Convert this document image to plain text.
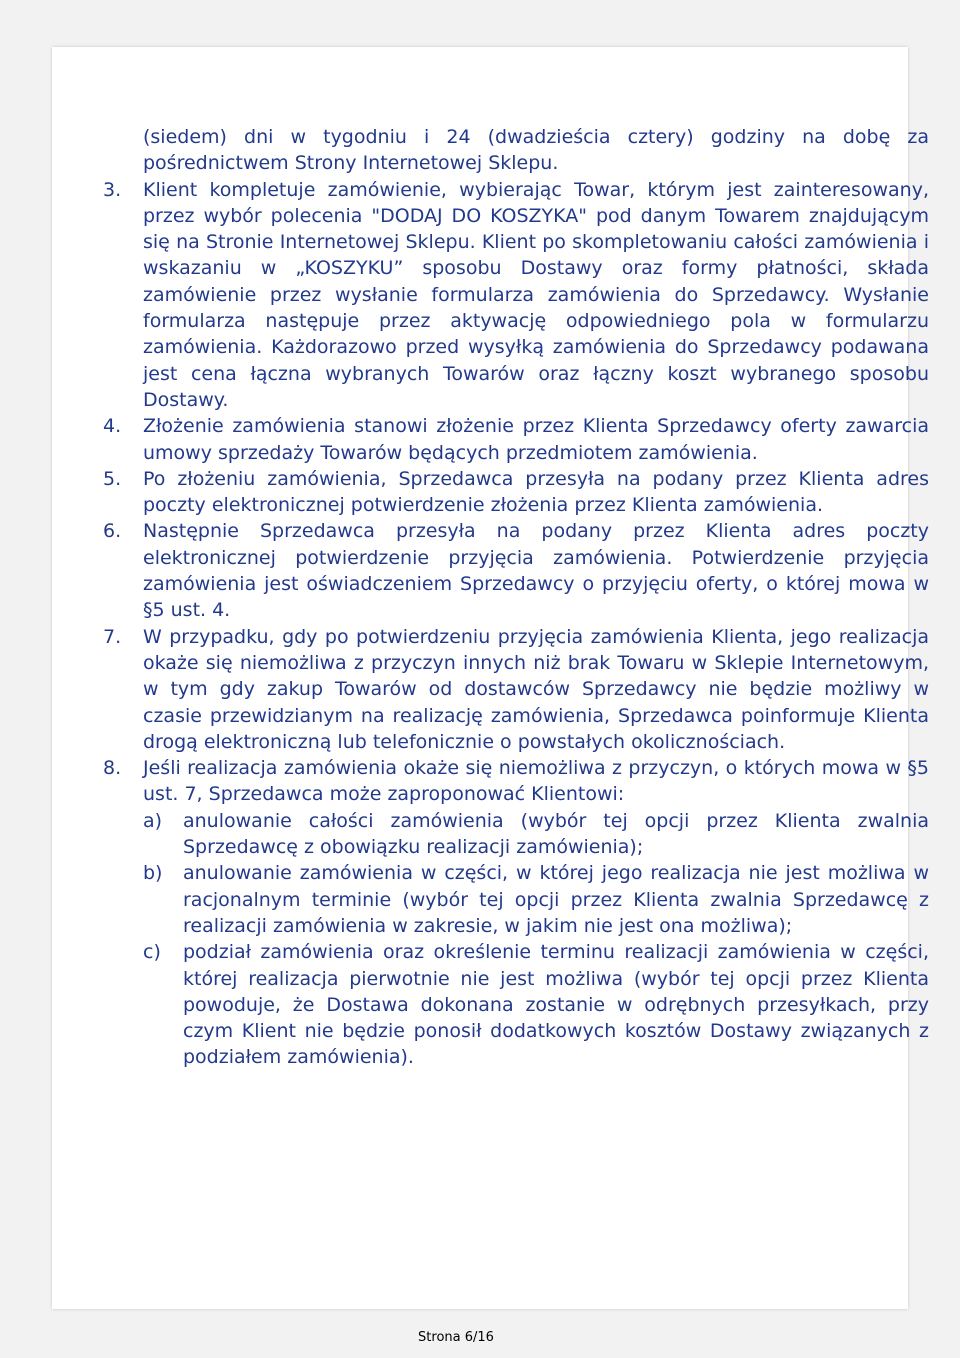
(siedem) dni w tygodniu i 24 (dwadzieścia cztery) godziny na dobę za pośrednictwem Strony Internetowej Sklepu.

3.	Klient kompletuje zamówienie, wybierając Towar, którym jest zainteresowany, przez wybór polecenia "DODAJ DO KOSZYKA" pod danym Towarem znajdującym się na Stronie Internetowej Sklepu. Klient po skompletowaniu całości zamówienia i wskazaniu w „KOSZYKU” sposobu Dostawy oraz formy płatności, składa zamówienie przez wysłanie formularza zamówienia do Sprzedawcy. Wysłanie formularza następuje przez aktywację odpowiedniego pola w formularzu zamówienia. Każdorazowo przed wysyłką zamówienia do Sprzedawcy podawana jest cena łączna wybranych Towarów oraz łączny koszt wybranego sposobu Dostawy.
4.	Złożenie zamówienia stanowi złożenie przez Klienta Sprzedawcy oferty zawarcia umowy sprzedaży Towarów będących przedmiotem zamówienia.
5.	Po złożeniu zamówienia, Sprzedawca przesyła na podany przez Klienta adres poczty elektronicznej potwierdzenie złożenia przez Klienta zamówienia.
6.	Następnie Sprzedawca przesyła na podany przez Klienta adres poczty elektronicznej potwierdzenie przyjęcia zamówienia. Potwierdzenie przyjęcia zamówienia jest oświadczeniem Sprzedawcy o przyjęciu oferty, o której mowa w §5 ust. 4.
7.	W przypadku, gdy po potwierdzeniu przyjęcia zamówienia Klienta, jego realizacja okaże się niemożliwa z przyczyn innych niż brak Towaru w Sklepie Internetowym, w tym gdy zakup Towarów od dostawców Sprzedawcy nie będzie możliwy w czasie przewidzianym na realizację zamówienia, Sprzedawca poinformuje Klienta drogą elektroniczną lub telefonicznie o powstałych okolicznościach.
8.	Jeśli realizacja zamówienia okaże się niemożliwa z przyczyn, o których mowa w §5 ust. 7, Sprzedawca może zaproponować Klientowi:
a)	anulowanie całości zamówienia (wybór tej opcji przez Klienta zwalnia Sprzedawcę z obowiązku realizacji zamówienia);
b)	anulowanie zamówienia w części, w której jego realizacja nie jest możliwa w racjonalnym terminie (wybór tej opcji przez Klienta zwalnia Sprzedawcę z realizacji zamówienia w zakresie, w jakim nie jest ona możliwa);
c)	podział zamówienia oraz określenie terminu realizacji zamówienia w części, której realizacja pierwotnie nie jest możliwa (wybór tej opcji przez Klienta powoduje, że Dostawa dokonana zostanie w odrębnych przesyłkach, przy czym Klient nie będzie ponosił dodatkowych kosztów Dostawy związanych z podziałem zamówienia).
Strona 6/16
